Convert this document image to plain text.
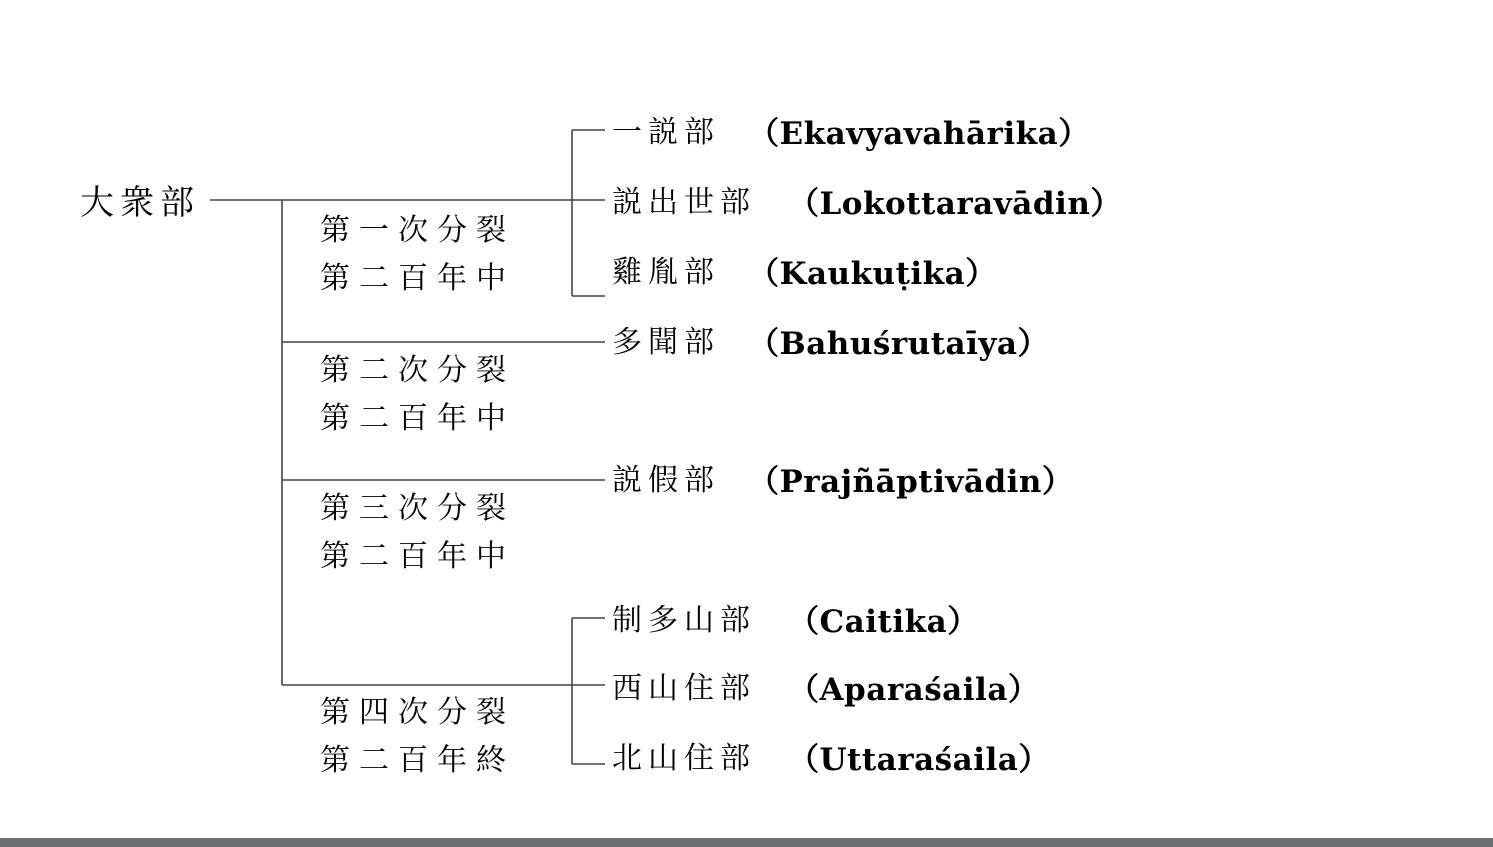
大衆部
第一次分裂
第二百年中
第二次分裂
第二百年中
第三次分裂
第二百年中
第四次分裂
第二百年終
一説部 （Ekavyavahārika）
説出世部 （Lokottaravādin）
雞胤部 （Kaukuṭika）
多聞部 （Bahuśrutaīya）
説假部 （Prajñāptivādin）
制多山部 （Caitika）
西山住部 （Aparaśaila）
北山住部 （Uttaraśaila）
